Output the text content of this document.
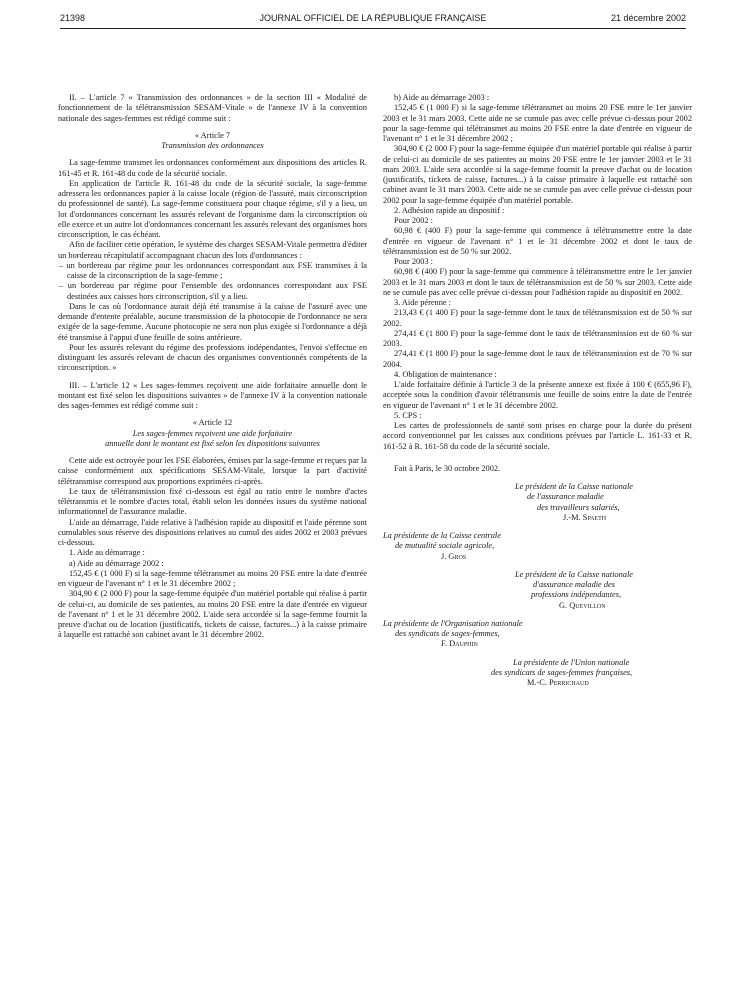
21398	JOURNAL OFFICIEL DE LA RÉPUBLIQUE FRANÇAISE	21 décembre 2002

II. – L'article 7 « Transmission des ordonnances » de la section III « Modalité de fonctionnement de la télétransmission SESAM-Vitale » de l'annexe IV à la convention nationale des sages-femmes est rédigé comme suit :

« Article 7

Transmission des ordonnances

La sage-femme transmet les ordonnances conformément aux dispositions des articles R. 161-45 et R. 161-48 du code de la sécurité sociale.

En application de l'article R. 161-48 du code de la sécurité sociale, la sage-femme adressera les ordonnances papier à la caisse locale (région de l'assuré, mais circonscription du professionnel de santé). La sage-femme constituera pour chaque régime, s'il y a lieu, un lot d'ordonnances concernant les assurés relevant de l'organisme dans la circonscription où elle exerce et un autre lot d'ordonnances concernant les assurés relevant des organismes hors circonscription, le cas échéant.

Afin de faciliter cette opération, le système des charges SESAM-Vitale permettra d'éditer un bordereau récapitulatif accompagnant chacun des lots d'ordonnances :

– un bordereau par régime pour les ordonnances correspondant aux FSE transmises à la caisse de la circonscription de la sage-femme ;

– un bordereau par régime pour l'ensemble des ordonnances correspondant aux FSE destinées aux caisses hors circonscription, s'il y a lieu.

Dans le cas où l'ordonnance aurait déjà été transmise à la caisse de l'assuré avec une demande d'entente préalable, aucune transmission de la photocopie de l'ordonnance ne sera exigée de la sage-femme. Aucune photocopie ne sera non plus exigée si l'ordonnance a déjà été transmise à l'appui d'une feuille de soins antérieure.

Pour les assurés relevant du régime des professions indépendantes, l'envoi s'effectue en distinguant les assurés relevant de chacun des organismes conventionnés compétents de la circonscription. »

III. – L'article 12 « Les sages-femmes reçoivent une aide forfaitaire annuelle dont le montant est fixé selon les dispositions suivantes » de l'annexe IV à la convention nationale des sages-femmes est rédigé comme suit :

« Article 12

Les sages-femmes reçoivent une aide forfaitaire

annuelle dont le montant est fixé selon les dispositions suivantes

Cette aide est octroyée pour les FSE élaborées, émises par la sage-femme et reçues par la caisse conformément aux spécifications SESAM-Vitale, lorsque la part d'activité télétransmise correspond aux proportions exprimées ci-après.

Le taux de télétransmission fixé ci-dessous est égal au ratio entre le nombre d'actes télétransmis et le nombre d'actes total, établi selon les données issues du système national informationnel de l'assurance maladie.

L'aide au démarrage, l'aide relative à l'adhésion rapide au dispositif et l'aide pérenne sont cumulables sous réserve des dispositions relatives au cumul des aides 2002 et 2003 prévues ci-dessous.

1. Aide au démarrage :

a) Aide au démarrage 2002 :

152,45 € (1 000 F) si la sage-femme télétransmet au moins 20 FSE entre la date d'entrée en vigueur de l'avenant n° 1 et le 31 décembre 2002 ;

304,90 € (2 000 F) pour la sage-femme équipée d'un matériel portable qui réalise à partir de celui-ci, au domicile de ses patientes, au moins 20 FSE entre la date d'entrée en vigueur de l'avenant n° 1 et le 31 décembre 2002. L'aide sera accordée si la sage-femme fournit la preuve d'achat ou de location (justificatifs, tickets de caisse, factures...) à la caisse primaire à laquelle est rattaché son cabinet avant le 31 décembre 2002.

b) Aide au démarrage 2003 :

152,45 € (1 000 F) si la sage-femme télétransmet au moins 20 FSE entre le 1er janvier 2003 et le 31 mars 2003. Cette aide ne se cumule pas avec celle prévue ci-dessus pour 2002 pour la sage-femme qui télétransmet au moins 20 FSE entre la date d'entrée en vigueur de l'avenant n° 1 et le 31 décembre 2002 ;

304,90 € (2 000 F) pour la sage-femme équipée d'un matériel portable qui réalise à partir de celui-ci au domicile de ses patientes au moins 20 FSE entre le 1er janvier 2003 et le 31 mars 2003. L'aide sera accordée si la sage-femme fournit la preuve d'achat ou de location (justificatifs, tickets de caisse, factures...) à la caisse primaire à laquelle est rattaché son cabinet avant le 31 mars 2003. Cette aide ne se cumule pas avec celle prévue ci-dessus pour 2002 pour la sage-femme équipée d'un matériel portable.

2. Adhésion rapide au dispositif :

Pour 2002 :

60,98 € (400 F) pour la sage-femme qui commence à télétransmettre entre la date d'entrée en vigueur de l'avenant n° 1 et le 31 décembre 2002 et dont le taux de télétransmission est de 50 % sur 2002.

Pour 2003 :

60,98 € (400 F) pour la sage-femme qui commence à télétransmettre entre le 1er janvier 2003 et le 31 mars 2003 et dont le taux de télétransmission est de 50 % sur 2003. Cette aide ne se cumule pas avec celle prévue ci-dessus pour l'adhésion rapide au dispositif en 2002.

3. Aide pérenne :

213,43 € (1 400 F) pour la sage-femme dont le taux de télétransmission est de 50 % sur 2002.

274,41 € (1 800 F) pour la sage-femme dont le taux de télétransmission est de 60 % sur 2003.

274,41 € (1 800 F) pour la sage-femme dont le taux de télétransmission est de 70 % sur 2004.

4. Obligation de maintenance :

L'aide forfaitaire définie à l'article 3 de la présente annexe est fixée à 100 € (655,96 F), acceptée sous la condition d'avoir télétransmis une feuille de soins entre la date de l'entrée en vigueur de l'avenant n° 1 et le 31 décembre 2002.

5. CPS :

Les cartes de professionnels de santé sont prises en charge pour la durée du présent accord conventionnel par les caisses aux conditions prévues par l'article L. 161-33 et R. 161-52 à R. 161-58 du code de la sécurité sociale.

Fait à Paris, le 30 octobre 2002.

Le président de la Caisse nationale
de l'assurance maladie
des travailleurs salariés,
J.-M. Spaeth
La présidente de la Caisse centrale
de mutualité sociale agricole,
J. Gros
Le président de la Caisse nationale
d'assurance maladie des
professions indépendantes,
G. Quevillon
La présidente de l'Organisation nationale
des syndicats de sages-femmes,
F. Dauphin
La présidente de l'Union nationale
des syndicats de sages-femmes françaises,
M.-C. Perrichaud
